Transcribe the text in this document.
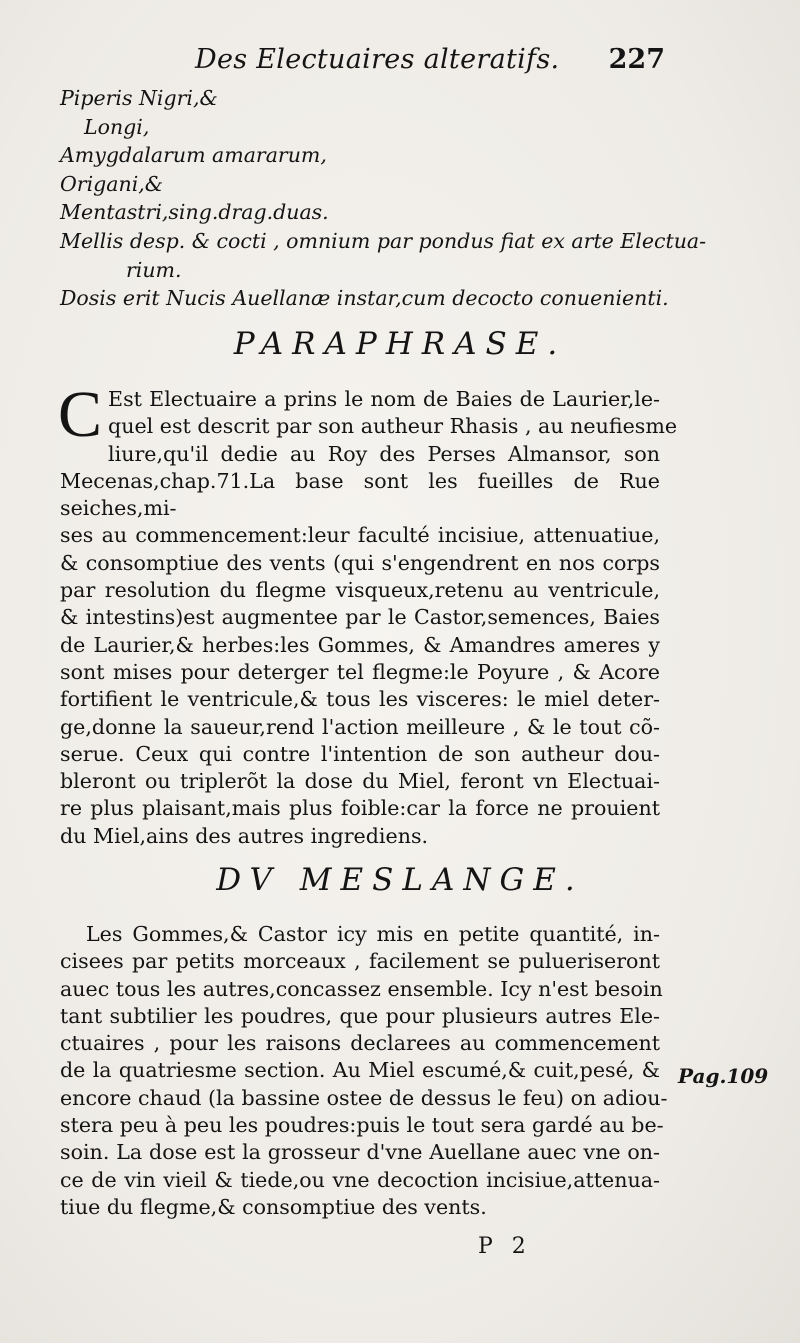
Des Electuaires alteratifs. 227
Piperis Nigri,&
Longi,
Amygdalarum amararum,
Origani,&
Mentastri,sing.drag.duas.
Mellis desp. & cocti , omnium par pondus fiat ex arte Electua-
rium.
Dosis erit Nucis Auellanæ instar,cum decocto conuenienti.
PARAPHRASE.
C Est Electuaire a prins le nom de Baies de Laurier,le-
quel est descrit par son autheur Rhasis , au neufiesme
liure,qu'il dedie au Roy des Perses Almansor, son Mecenas,chap.71.La base sont les fueilles de Rue seiches,mi-
ses au commencement:leur faculté incisiue, attenuatiue,
& consomptiue des vents (qui s'engendrent en nos corps
par resolution du flegme visqueux,retenu au ventricule,
& intestins)est augmentee par le Castor,semences, Baies
de Laurier,& herbes:les Gommes, & Amandres ameres y
sont mises pour deterger tel flegme:le Poyure , & Acore
fortifient le ventricule,& tous les visceres: le miel deter-
ge,donne la saueur,rend l'action meilleure , & le tout cõ-
serue. Ceux qui contre l'intention de son autheur dou-
bleront ou triplerõt la dose du Miel, feront vn Electuai-
re plus plaisant,mais plus foible:car la force ne prouient
du Miel,ains des autres ingrediens.
DV MESLANGE.
Les Gommes,& Castor icy mis en petite quantité, in-
cisees par petits morceaux , facilement se pulueriseront
auec tous les autres,concassez ensemble. Icy n'est besoin
tant subtilier les poudres, que pour plusieurs autres Ele-
ctuaires , pour les raisons declarees au commencement
de la quatriesme section. Au Miel escumé,& cuit,pesé, &
encore chaud (la bassine ostee de dessus le feu) on adiou-
stera peu à peu les poudres:puis le tout sera gardé au be-
soin. La dose est la grosseur d'vne Auellane auec vne on-
ce de vin vieil & tiede,ou vne decoction incisiue,attenua-
tiue du flegme,& consomptiue des vents.
Pag.109
P 2
